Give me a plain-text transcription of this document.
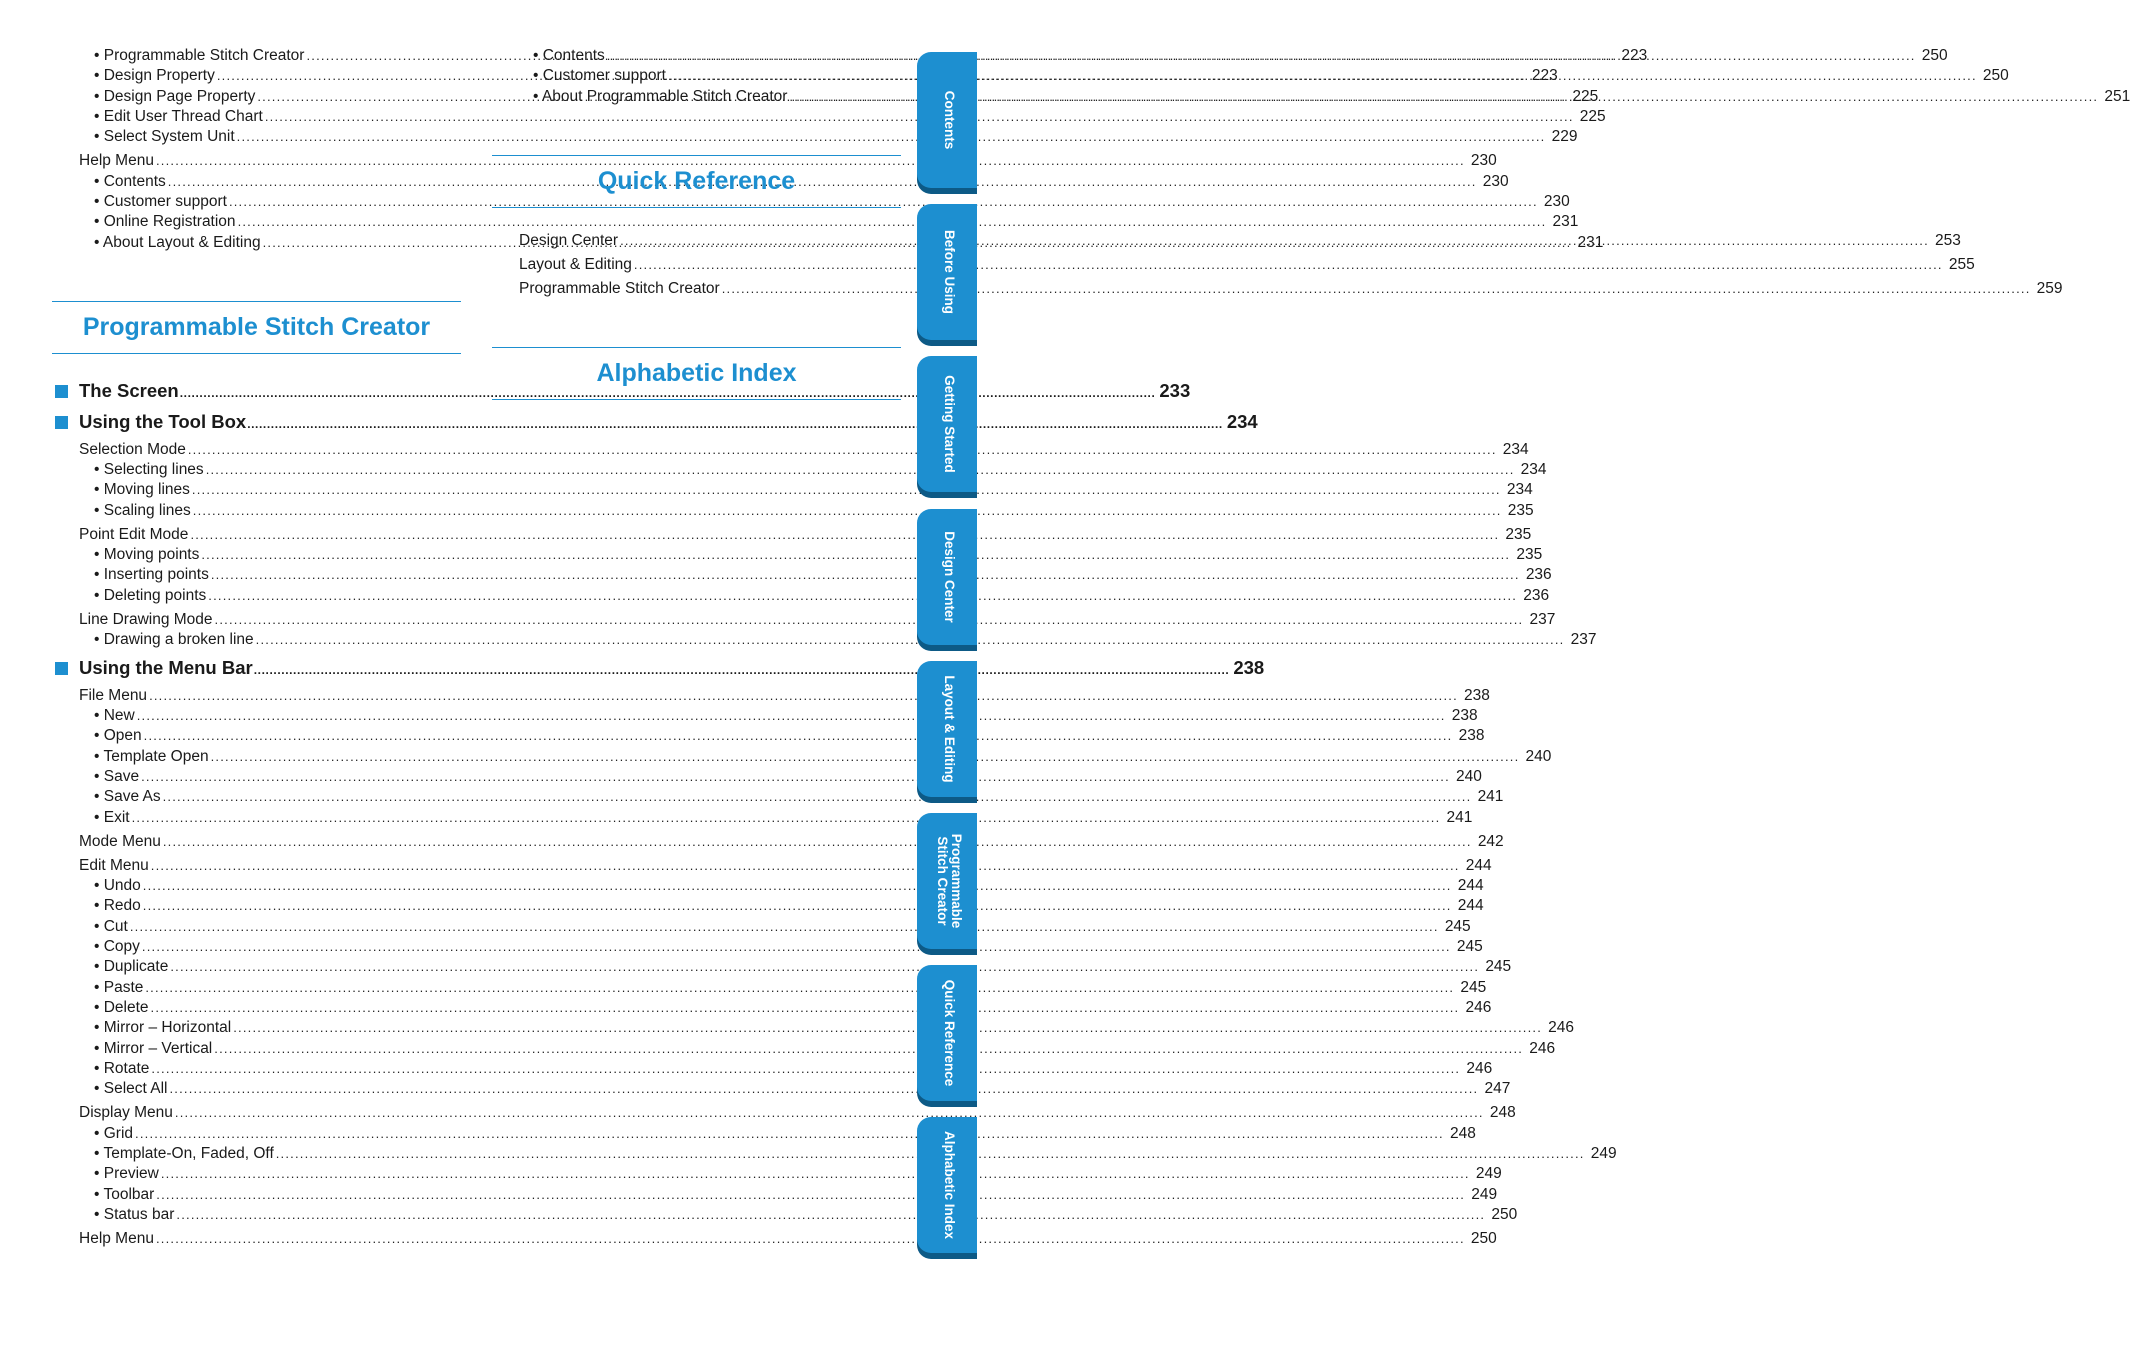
• Programmable Stitch Creator .....	223
• Design Property .....	223
• Design Page Property .....	225
• Edit User Thread Chart .....	225
• Select System Unit .....	229
Help Menu .....	230
• Contents .....	230
• Customer support .....	230
• Online Registration .....	231
• About Layout & Editing .....	231
Programmable Stitch Creator
The Screen .....	233
Using the Tool Box .....	234
Selection Mode .....	234
• Selecting lines .....	234
• Moving lines .....	234
• Scaling lines .....	235
Point Edit Mode .....	235
• Moving points .....	235
• Inserting points .....	236
• Deleting points .....	236
Line Drawing Mode .....	237
• Drawing a broken line .....	237
Using the Menu Bar .....	238
File Menu .....	238
• New .....	238
• Open .....	238
• Template Open .....	240
• Save .....	240
• Save As .....	241
• Exit .....	241
Mode Menu .....	242
Edit Menu .....	244
• Undo .....	244
• Redo .....	244
• Cut .....	245
• Copy .....	245
• Duplicate .....	245
• Paste .....	245
• Delete .....	246
• Mirror – Horizontal .....	246
• Mirror – Vertical .....	246
• Rotate .....	246
• Select All .....	247
Display Menu .....	248
• Grid .....	248
• Template-On, Faded, Off .....	249
• Preview .....	249
• Toolbar .....	249
• Status bar .....	250
Help Menu .....	250
• Contents .....	250
• Customer support .....	250
• About Programmable Stitch Creator .....	251
Quick Reference
Design Center .....	253
Layout & Editing .....	255
Programmable Stitch Creator .....	259
Alphabetic Index
Contents
Before Using
Getting Started
Design Center
Layout & Editing
Programmable Stitch Creator
Quick Reference
Alphabetic Index
